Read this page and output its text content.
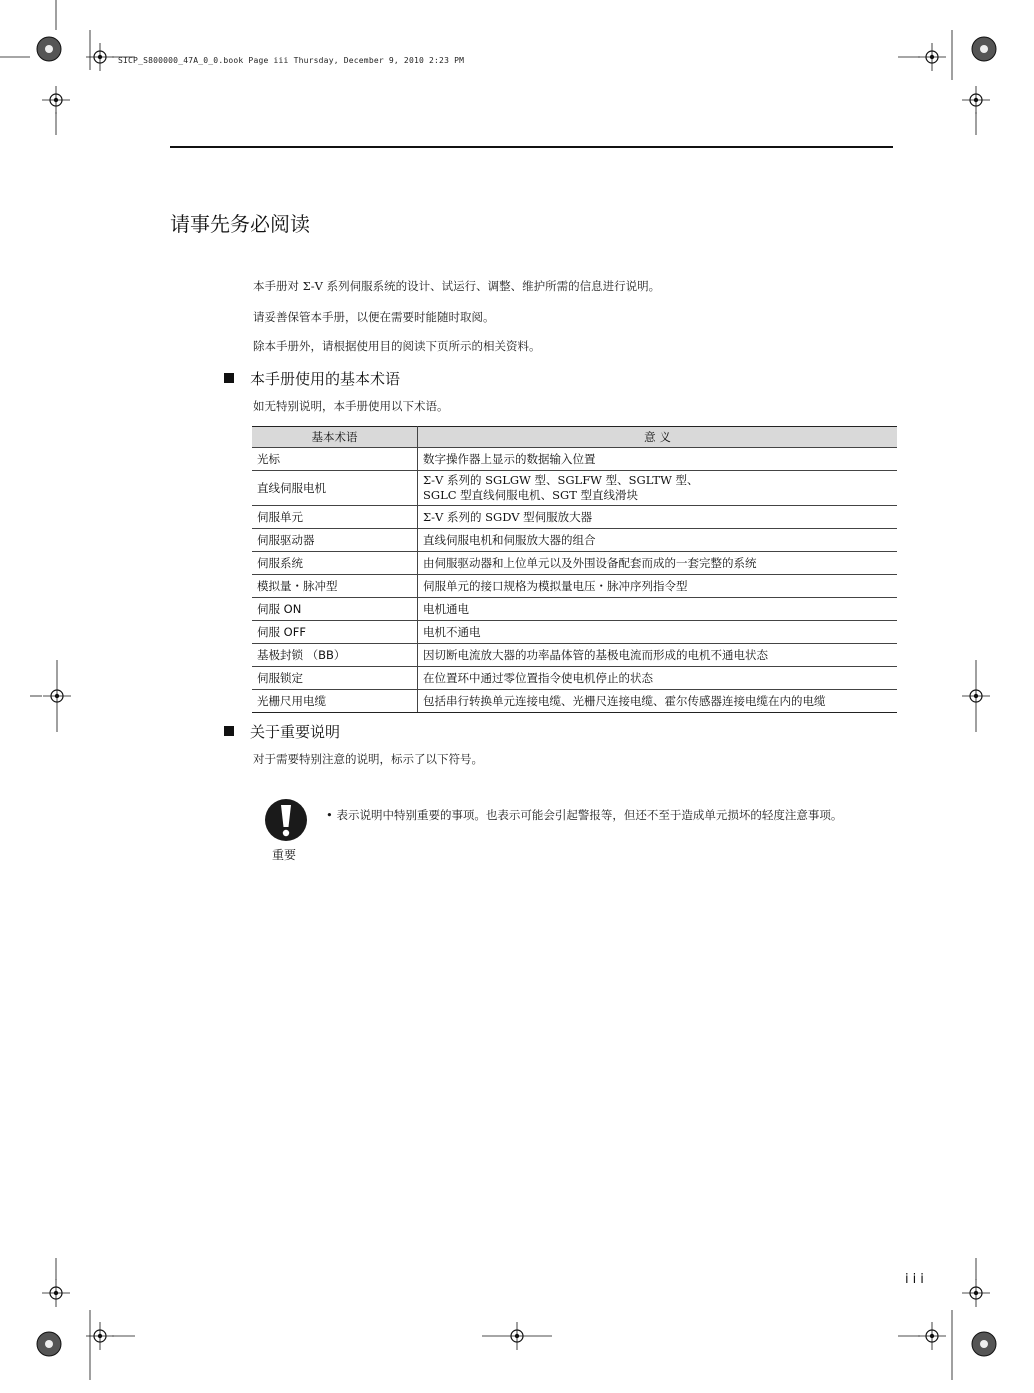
SICP_S800000_47A_0_0.book Page iii Thursday, December 9, 2010 2:23 PM
请事先务必阅读
本手册对 Σ-V 系列伺服系统的设计、试运行、调整、维护所需的信息进行说明。
请妥善保管本手册，以便在需要时能随时取阅。
除本手册外，请根据使用目的阅读下页所示的相关资料。
本手册使用的基本术语
如无特别说明，本手册使用以下术语。
基本术语	意 义
光标	数字操作器上显示的数据输入位置
直线伺服电机	Σ-V 系列的 SGLGW 型、SGLFW 型、SGLTW 型、
SGLC 型直线伺服电机、SGT 型直线滑块
伺服单元	Σ-V 系列的 SGDV 型伺服放大器
伺服驱动器	直线伺服电机和伺服放大器的组合
伺服系统	由伺服驱动器和上位单元以及外围设备配套而成的一套完整的系统
模拟量・脉冲型	伺服单元的接口规格为模拟量电压・脉冲序列指令型
伺服 ON	电机通电
伺服 OFF	电机不通电
基极封锁 （BB）	因切断电流放大器的功率晶体管的基极电流而形成的电机不通电状态
伺服锁定	在位置环中通过零位置指令使电机停止的状态
光栅尺用电缆	包括串行转换单元连接电缆、光栅尺连接电缆、霍尔传感器连接电缆在内的电缆
关于重要说明
对于需要特别注意的说明，标示了以下符号。
重要
• 表示说明中特别重要的事项。也表示可能会引起警报等，但还不至于造成单元损坏的轻度注意事项。
iii
